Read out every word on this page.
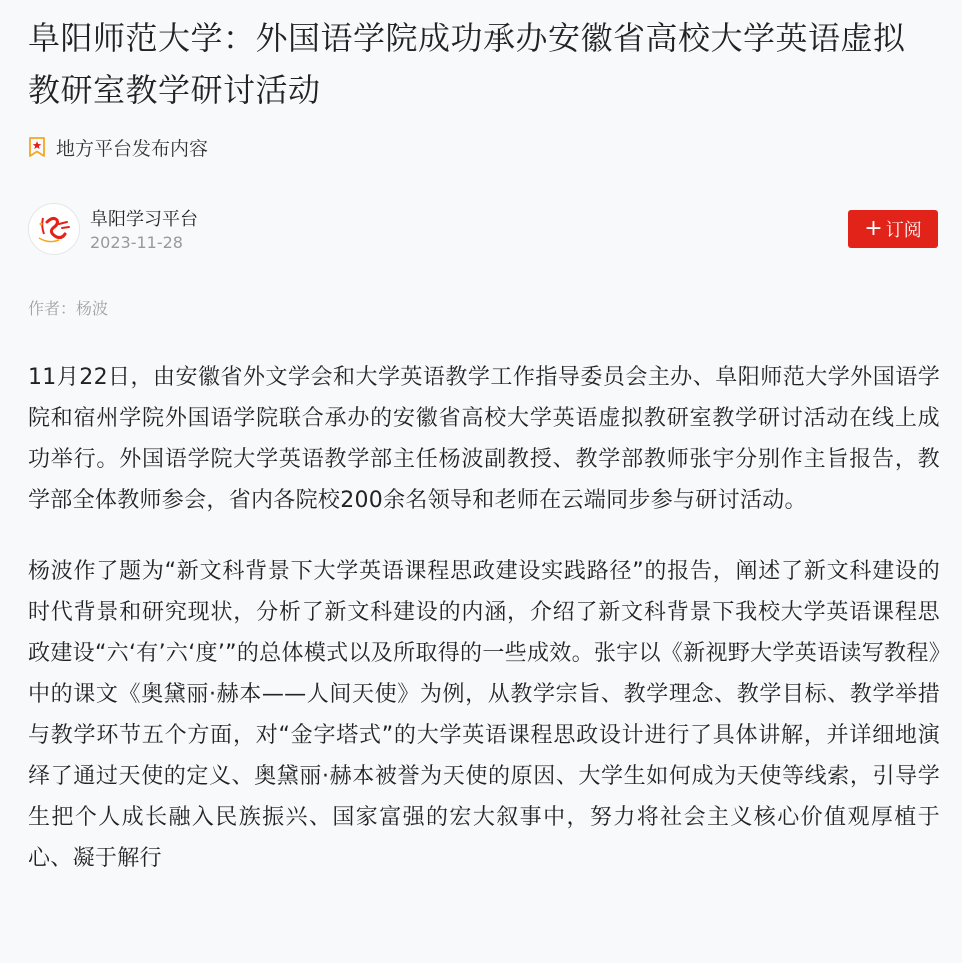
阜阳师范大学：外国语学院成功承办安徽省高校大学英语虚拟教研室教学研讨活动
地方平台发布内容
阜阳学习平台
2023-11-28
+ 订阅
作者：杨波

11月22日，由安徽省外文学会和大学英语教学工作指导委员会主办、阜阳师范大学外国语学院和宿州学院外国语学院联合承办的安徽省高校大学英语虚拟教研室教学研讨活动在线上成功举行。外国语学院大学英语教学部主任杨波副教授、教学部教师张宇分别作主旨报告，教学部全体教师参会，省内各院校200余名领导和老师在云端同步参与研讨活动。

杨波作了题为“新文科背景下大学英语课程思政建设实践路径”的报告，阐述了新文科建设的时代背景和研究现状，分析了新文科建设的内涵，介绍了新文科背景下我校大学英语课程思政建设“六‘有’六‘度’”的总体模式以及所取得的一些成效。张宇以《新视野大学英语读写教程》中的课文《奥黛丽·赫本——人间天使》为例，从教学宗旨、教学理念、教学目标、教学举措与教学环节五个方面，对“金字塔式”的大学英语课程思政设计进行了具体讲解，并详细地演绎了通过天使的定义、奥黛丽·赫本被誉为天使的原因、大学生如何成为天使等线索，引导学生把个人成长融入民族振兴、国家富强的宏大叙事中，努力将社会主义核心价值观厚植于心、凝于解行
